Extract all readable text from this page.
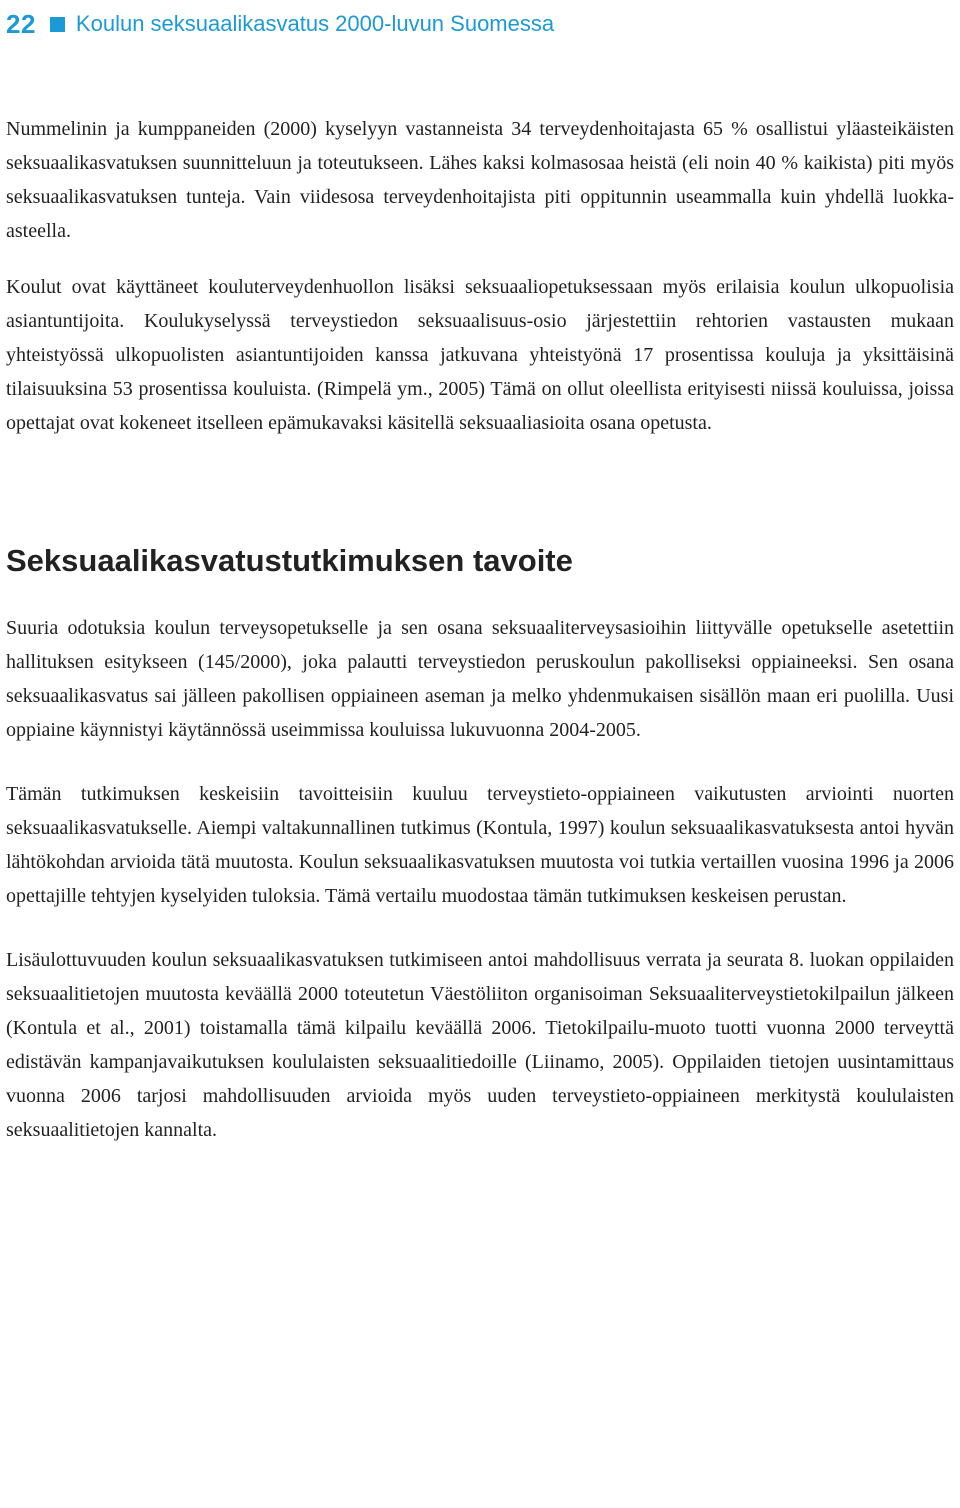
22 Koulun seksuaalikasvatus 2000-luvun Suomessa

Nummelinin ja kumppaneiden (2000) kyselyyn vastanneista 34 terveydenhoitajasta 65 % osallistui yläasteikäisten seksuaalikasvatuksen suunnitteluun ja toteutukseen. Lähes kaksi kolmasosaa heistä (eli noin 40 % kaikista) piti myös seksuaalikasvatuksen tunteja. Vain viidesosa terveydenhoitajista piti oppitunnin useammalla kuin yhdellä luokka-asteella.

Koulut ovat käyttäneet kouluterveydenhuollon lisäksi seksuaaliopetuksessaan myös erilaisia koulun ulkopuolisia asiantuntijoita. Koulukyselyssä terveystiedon seksuaalisuus-osio järjestettiin rehtorien vastausten mukaan yhteistyössä ulkopuolisten asiantuntijoiden kanssa jatkuvana yhteistyönä 17 prosentissa kouluja ja yksittäisinä tilaisuuksina 53 prosentissa kouluista. (Rimpelä ym., 2005) Tämä on ollut oleellista erityisesti niissä kouluissa, joissa opettajat ovat kokeneet itselleen epämukavaksi käsitellä seksuaaliasioita osana opetusta.

Seksuaalikasvatustutkimuksen tavoite

Suuria odotuksia koulun terveysopetukselle ja sen osana seksuaaliterveysasioihin liittyvälle opetukselle asetettiin hallituksen esitykseen (145/2000), joka palautti terveystiedon peruskoulun pakolliseksi oppiaineeksi. Sen osana seksuaalikasvatus sai jälleen pakollisen oppiaineen aseman ja melko yhdenmukaisen sisällön maan eri puolilla. Uusi oppiaine käynnistyi käytännössä useimmissa kouluissa lukuvuonna 2004-2005.

Tämän tutkimuksen keskeisiin tavoitteisiin kuuluu terveystieto-oppiaineen vaikutusten arviointi nuorten seksuaalikasvatukselle. Aiempi valtakunnallinen tutkimus (Kontula, 1997) koulun seksuaalikasvatuksesta antoi hyvän lähtökohdan arvioida tätä muutosta. Koulun seksuaalikasvatuksen muutosta voi tutkia vertaillen vuosina 1996 ja 2006 opettajille tehtyjen kyselyiden tuloksia. Tämä vertailu muodostaa tämän tutkimuksen keskeisen perustan.

Lisäulottuvuuden koulun seksuaalikasvatuksen tutkimiseen antoi mahdollisuus verrata ja seurata 8. luokan oppilaiden seksuaalitietojen muutosta keväällä 2000 toteutetun Väestöliiton organisoiman Seksuaaliterveystietokilpailun jälkeen (Kontula et al., 2001) toistamalla tämä kilpailu keväällä 2006. Tietokilpailu-muoto tuotti vuonna 2000 terveyttä edistävän kampanjavaikutuksen koululaisten seksuaalitiedoille (Liinamo, 2005). Oppilaiden tietojen uusintamittaus vuonna 2006 tarjosi mahdollisuuden arvioida myös uuden terveystieto-oppiaineen merkitystä koululaisten seksuaalitietojen kannalta.
